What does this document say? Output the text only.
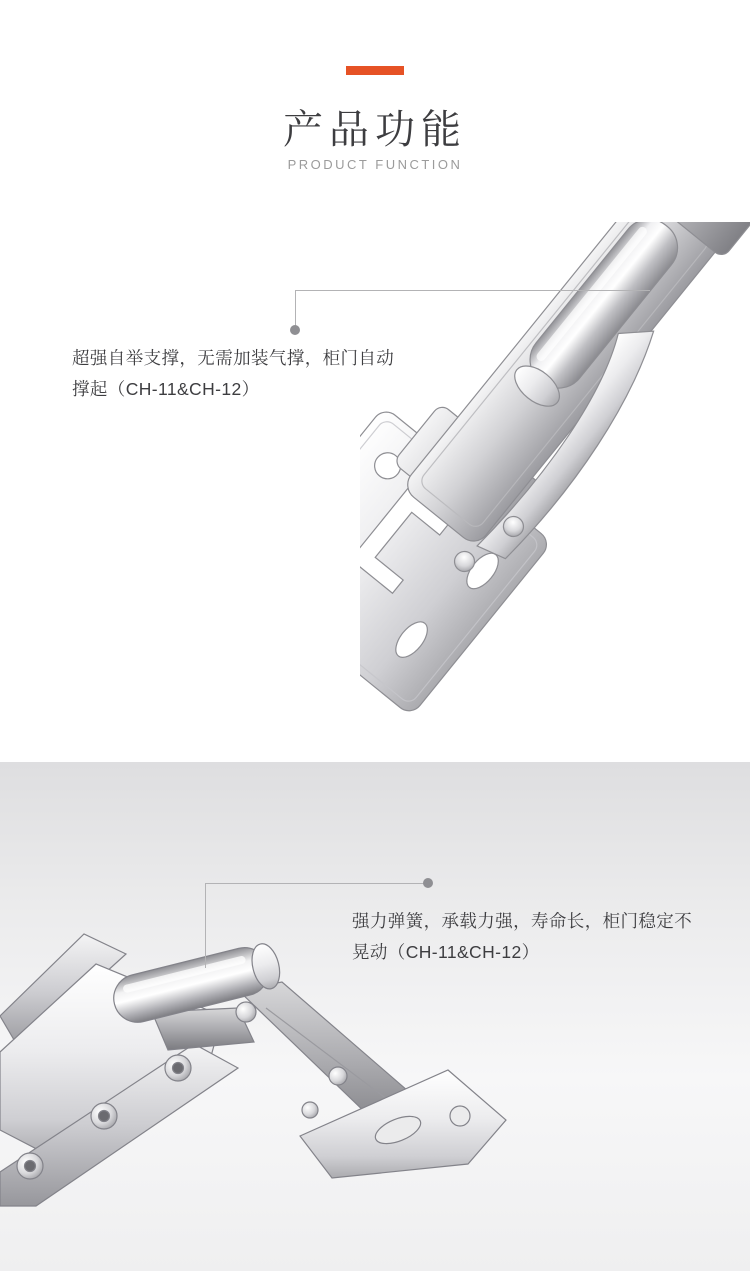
产品功能
PRODUCT FUNCTION
超强自举支撑，无需加装气撑，柜门自动
撑起（CH-11&CH-12）
强力弹簧，承载力强，寿命长，柜门稳定不
晃动（CH-11&CH-12）
